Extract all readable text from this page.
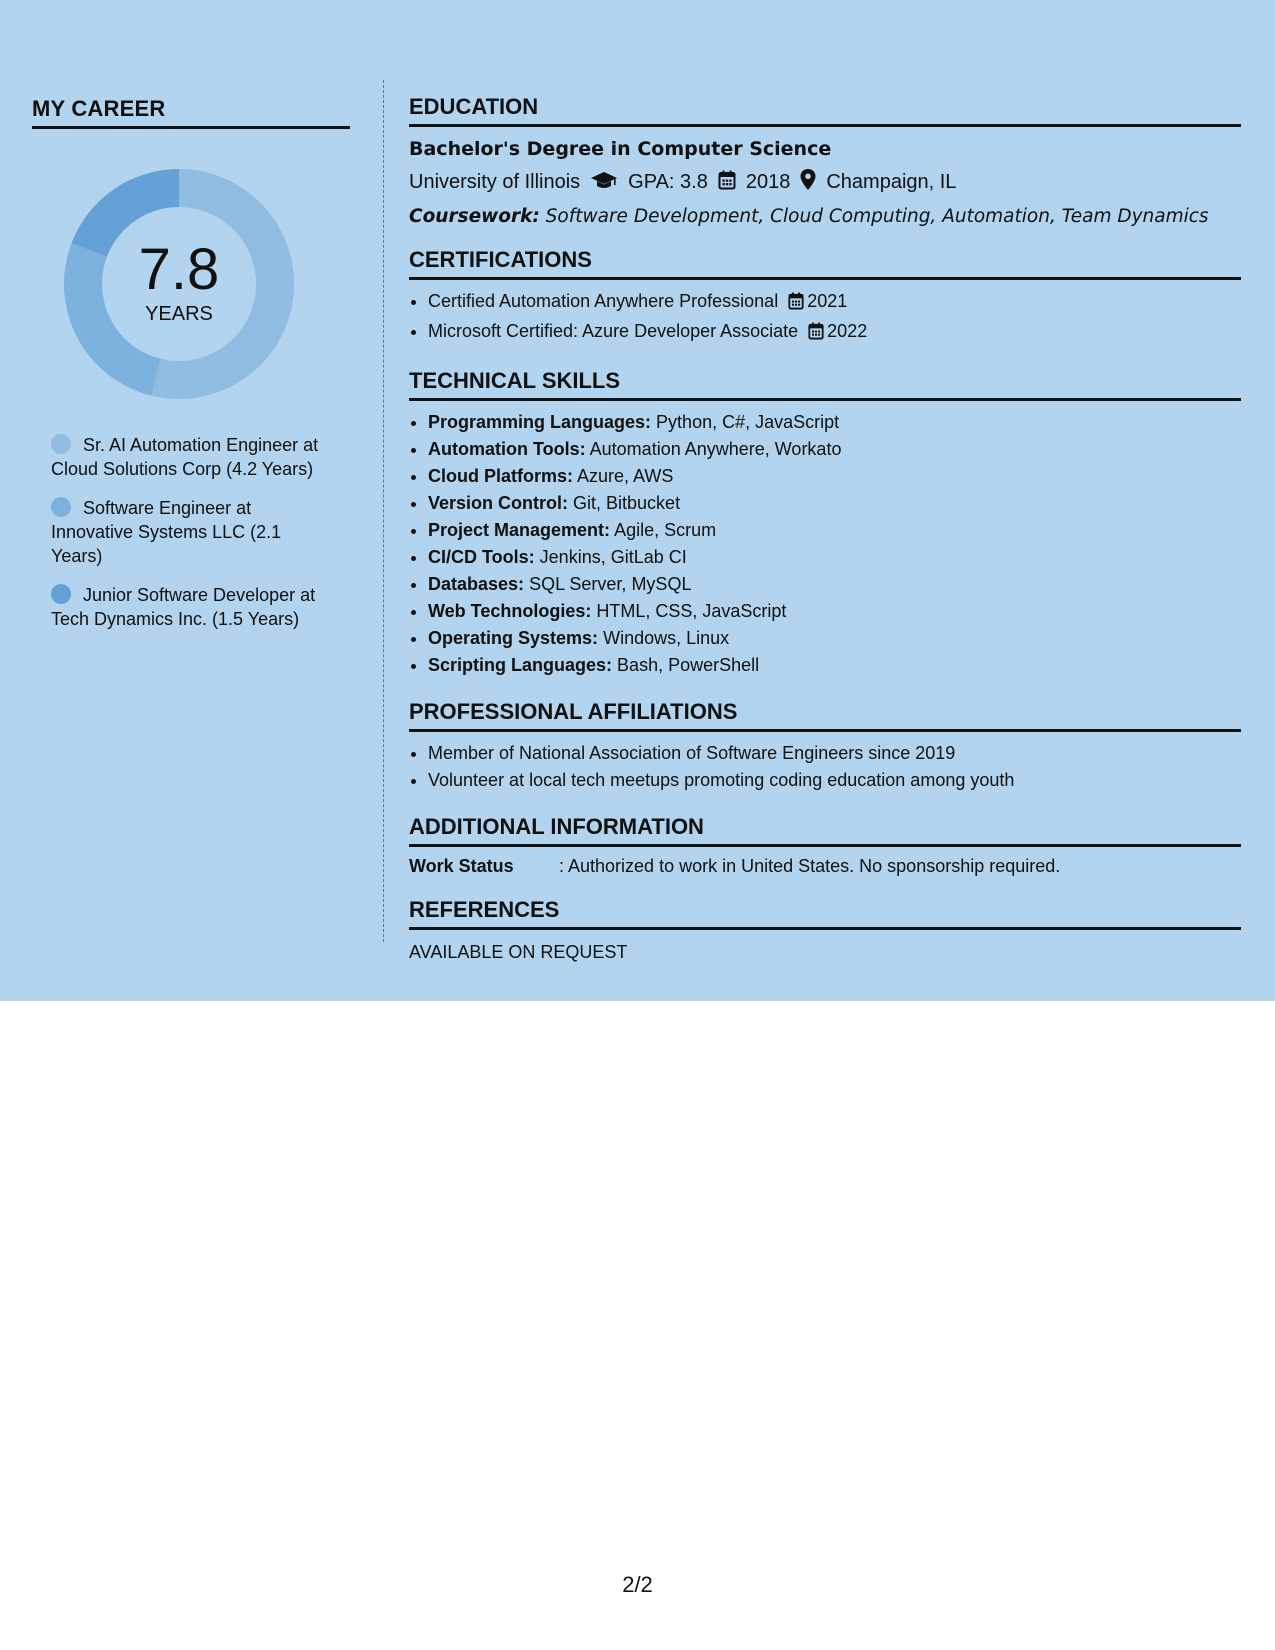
MY CAREER
7.8
YEARS
Sr. AI Automation Engineer at Cloud Solutions Corp (4.2 Years)
Software Engineer at Innovative Systems LLC (2.1 Years)
Junior Software Developer at Tech Dynamics Inc. (1.5 Years)
EDUCATION
Bachelor's Degree in Computer Science
University of Illinois GPA: 3.8 2018 Champaign, IL
Coursework: Software Development, Cloud Computing, Automation, Team Dynamics
CERTIFICATIONS
• Certified Automation Anywhere Professional 2021
• Microsoft Certified: Azure Developer Associate 2022
TECHNICAL SKILLS
• Programming Languages: Python, C#, JavaScript
• Automation Tools: Automation Anywhere, Workato
• Cloud Platforms: Azure, AWS
• Version Control: Git, Bitbucket
• Project Management: Agile, Scrum
• CI/CD Tools: Jenkins, GitLab CI
• Databases: SQL Server, MySQL
• Web Technologies: HTML, CSS, JavaScript
• Operating Systems: Windows, Linux
• Scripting Languages: Bash, PowerShell
PROFESSIONAL AFFILIATIONS
• Member of National Association of Software Engineers since 2019
• Volunteer at local tech meetups promoting coding education among youth
ADDITIONAL INFORMATION
Work Status	: Authorized to work in United States. No sponsorship required.
REFERENCES
AVAILABLE ON REQUEST
2/2
